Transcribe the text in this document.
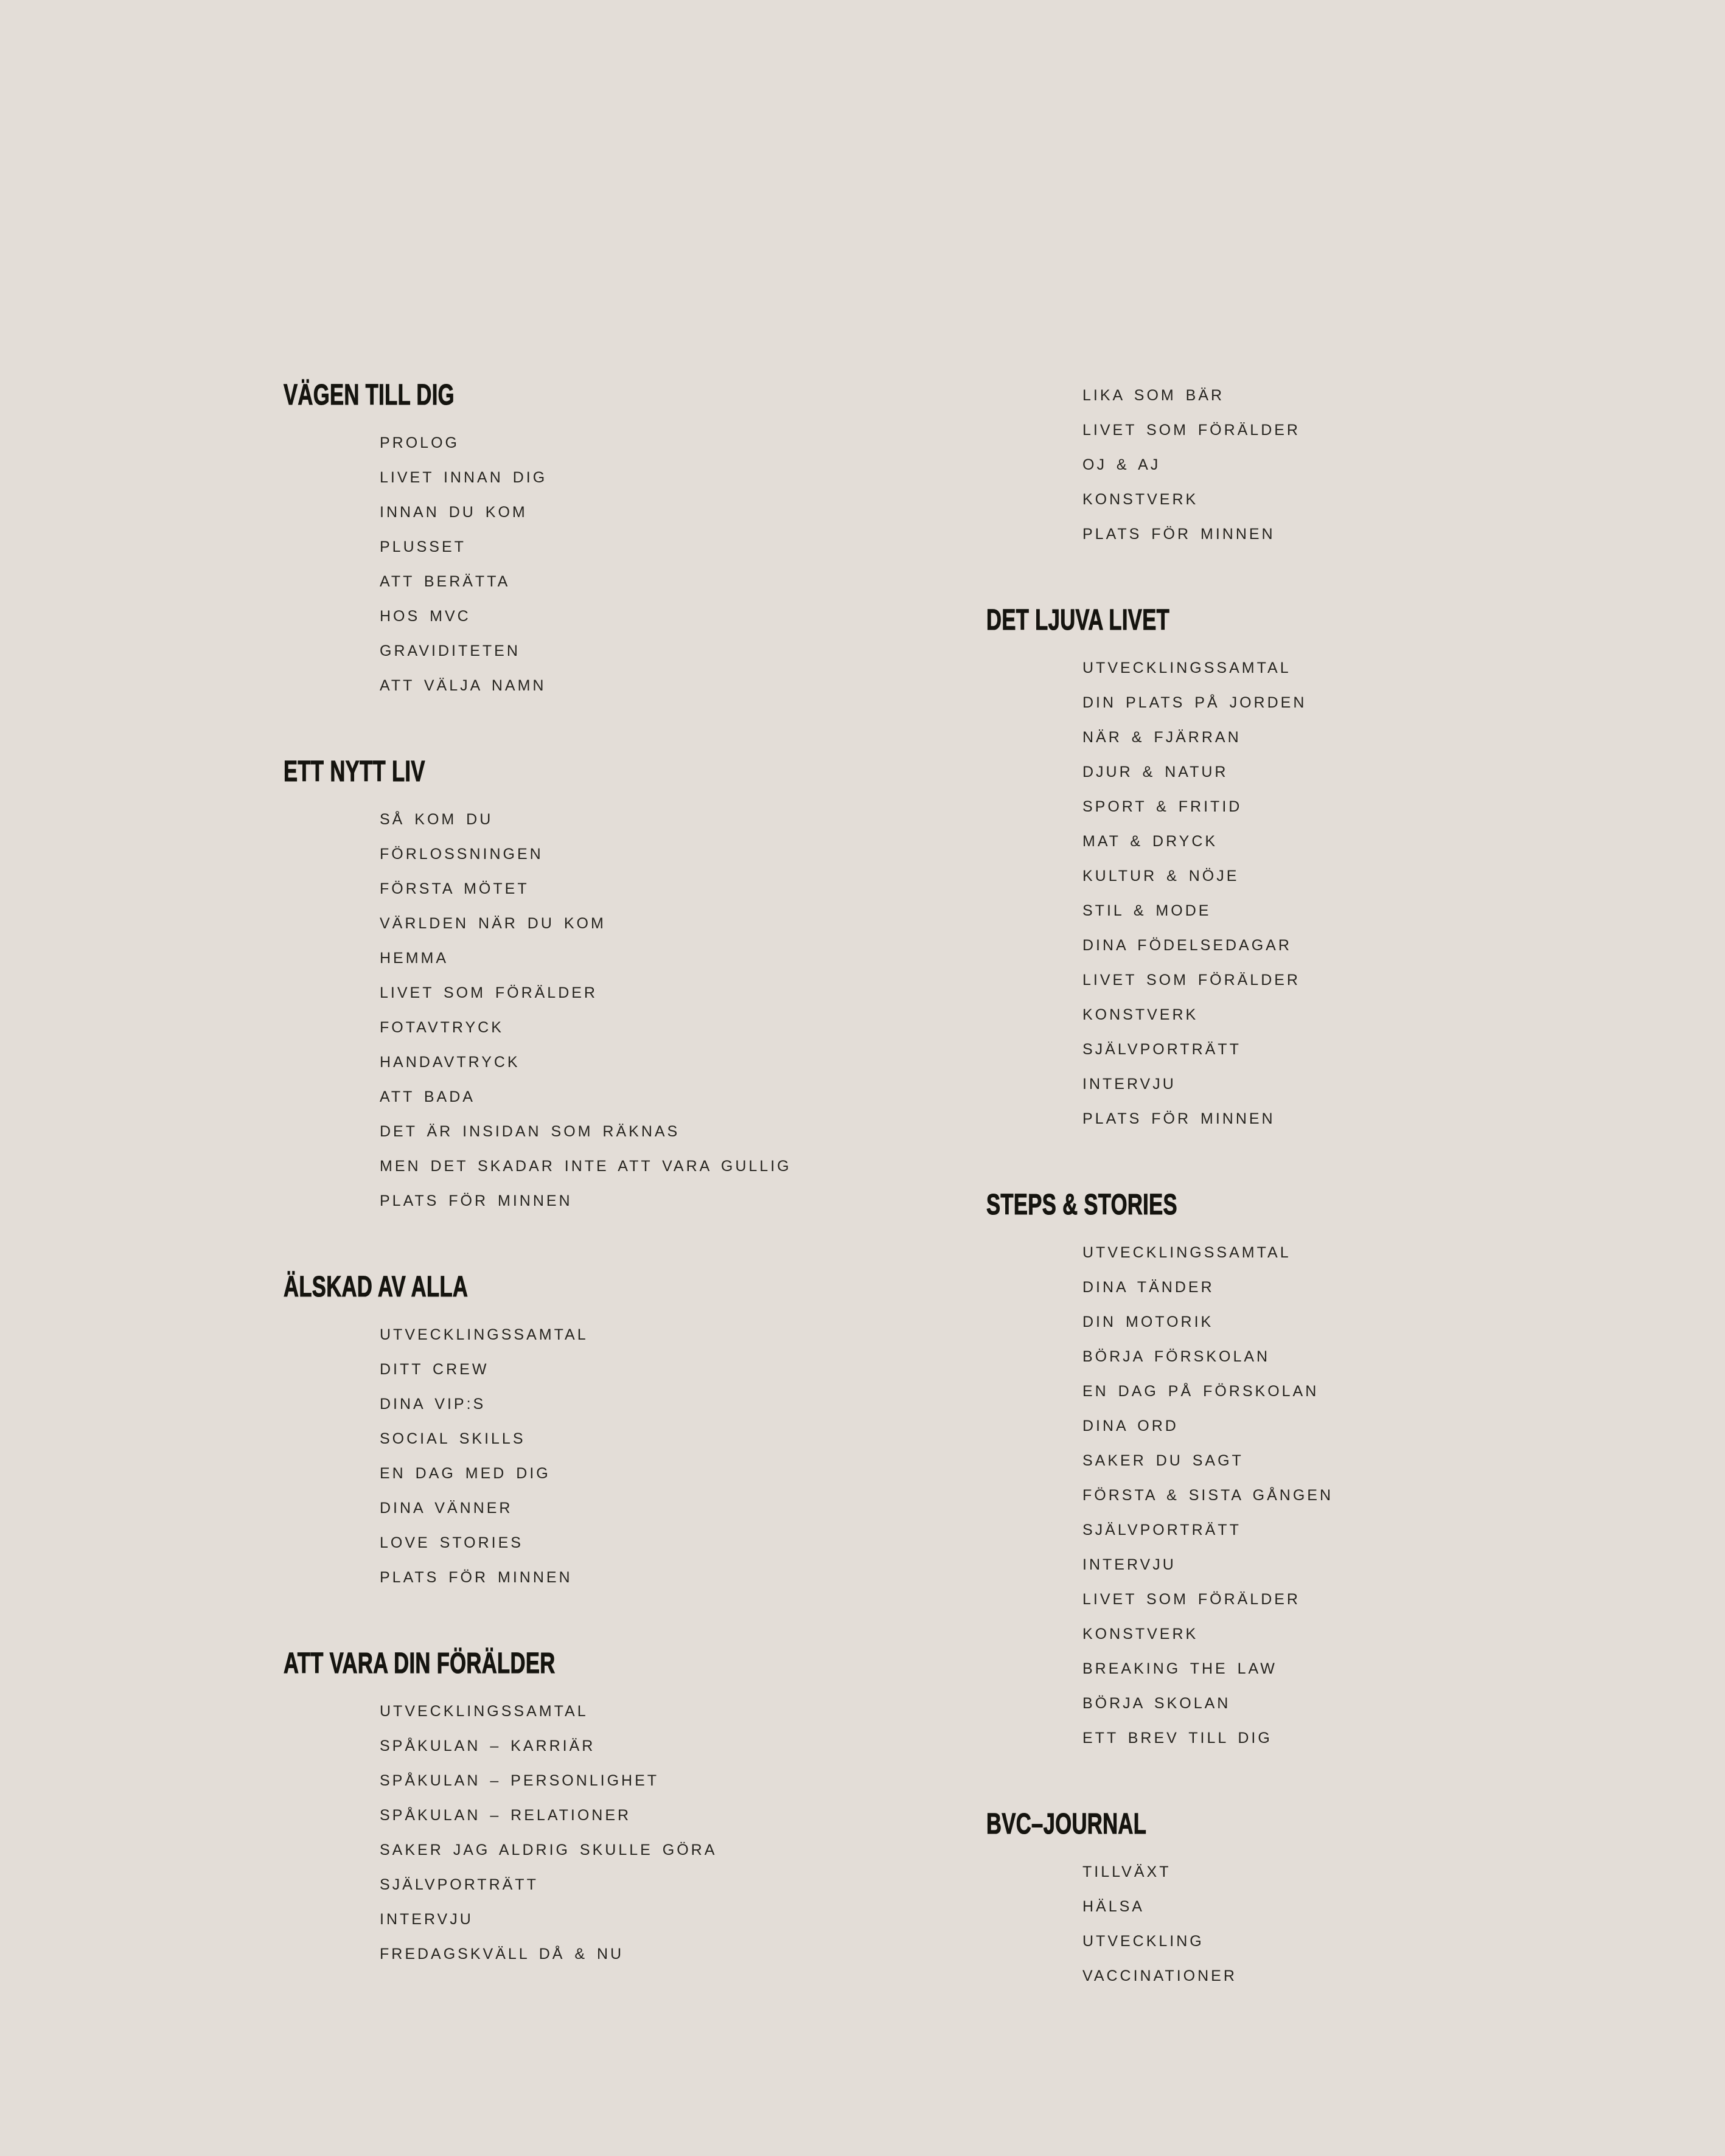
VÄGEN TILL DIG
PROLOG
LIVET INNAN DIG
INNAN DU KOM
PLUSSET
ATT BERÄTTA
HOS MVC
GRAVIDITETEN
ATT VÄLJA NAMN
ETT NYTT LIV
SÅ KOM DU
FÖRLOSSNINGEN
FÖRSTA MÖTET
VÄRLDEN NÄR DU KOM
HEMMA
LIVET SOM FÖRÄLDER
FOTAVTRYCK
HANDAVTRYCK
ATT BADA
DET ÄR INSIDAN SOM RÄKNAS
MEN DET SKADAR INTE ATT VARA GULLIG
PLATS FÖR MINNEN
ÄLSKAD AV ALLA
UTVECKLINGSSAMTAL
DITT CREW
DINA VIP:S
SOCIAL SKILLS
EN DAG MED DIG
DINA VÄNNER
LOVE STORIES
PLATS FÖR MINNEN
ATT VARA DIN FÖRÄLDER
UTVECKLINGSSAMTAL
SPÅKULAN – KARRIÄR
SPÅKULAN – PERSONLIGHET
SPÅKULAN – RELATIONER
SAKER JAG ALDRIG SKULLE GÖRA
SJÄLVPORTRÄTT
INTERVJU
FREDAGSKVÄLL DÅ & NU
LIKA SOM BÄR
LIVET SOM FÖRÄLDER
OJ & AJ
KONSTVERK
PLATS FÖR MINNEN
DET LJUVA LIVET
UTVECKLINGSSAMTAL
DIN PLATS PÅ JORDEN
NÄR & FJÄRRAN
DJUR & NATUR
SPORT & FRITID
MAT & DRYCK
KULTUR & NÖJE
STIL & MODE
DINA FÖDELSEDAGAR
LIVET SOM FÖRÄLDER
KONSTVERK
SJÄLVPORTRÄTT
INTERVJU
PLATS FÖR MINNEN
STEPS & STORIES
UTVECKLINGSSAMTAL
DINA TÄNDER
DIN MOTORIK
BÖRJA FÖRSKOLAN
EN DAG PÅ FÖRSKOLAN
DINA ORD
SAKER DU SAGT
FÖRSTA & SISTA GÅNGEN
SJÄLVPORTRÄTT
INTERVJU
LIVET SOM FÖRÄLDER
KONSTVERK
BREAKING THE LAW
BÖRJA SKOLAN
ETT BREV TILL DIG
BVC–JOURNAL
TILLVÄXT
HÄLSA
UTVECKLING
VACCINATIONER
